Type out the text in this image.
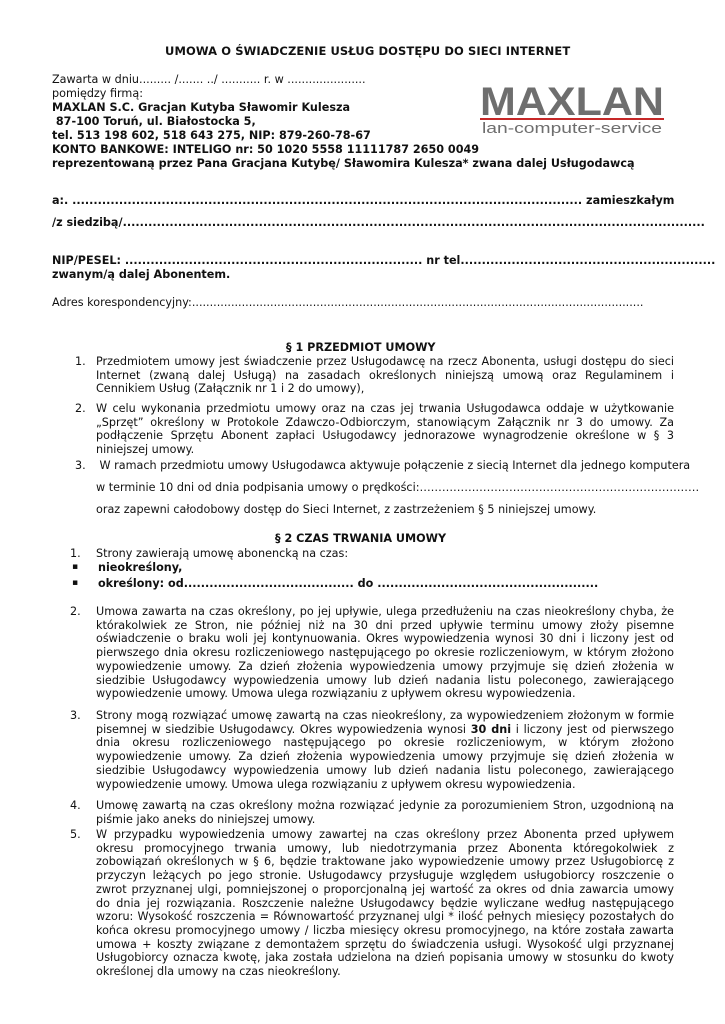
UMOWA O ŚWIADCZENIE USŁUG DOSTĘPU DO SIECI INTERNET
Zawarta w dniu......... /....... ../ ........... r. w ......................
pomiędzy firmą:
MAXLAN S.C. Gracjan Kutyba Sławomir Kulesza
87-100 Toruń, ul. Białostocka 5,
tel. 513 198 602, 518 643 275, NIP: 879-260-78-67
KONTO BANKOWE: INTELIGO nr: 50 1020 5558 11111787 2650 0049
reprezentowaną przez Pana Gracjana Kutybę/ Sławomira Kulesza* zwana dalej Usługodawcą
MAXLAN
lan-computer-service
a:. ........................................................................................................................ zamieszkałym
/z siedzibą/.........................................................................................................................................
NIP/PESEL: ...................................................................... nr tel............................................................
zwanym/ą dalej Abonentem.
Adres korespondencyjny:...............................................................................................................................
§ 1 PRZEDMIOT UMOWY
1. Przedmiotem umowy jest świadczenie przez Usługodawcę na rzecz Abonenta, usługi dostępu do sieci Internet (zwaną dalej Usługą) na zasadach określonych niniejszą umową oraz Regulaminem i Cennikiem Usług (Załącznik nr 1 i 2 do umowy),
2. W celu wykonania przedmiotu umowy oraz na czas jej trwania Usługodawca oddaje w użytkowanie „Sprzęt” określony w Protokole Zdawczo-Odbiorczym, stanowiącym Załącznik nr 3 do umowy. Za podłączenie Sprzętu Abonent zapłaci Usługodawcy jednorazowe wynagrodzenie określone w § 3 niniejszej umowy.
3. W ramach przedmiotu umowy Usługodawca aktywuje połączenie z siecią Internet dla jednego komputera
w terminie 10 dni od dnia podpisania umowy o prędkości:…………………………………………………………………
oraz zapewni całodobowy dostęp do Sieci Internet, z zastrzeżeniem § 5 niniejszej umowy.
§ 2 CZAS TRWANIA UMOWY
1. Strony zawierają umowę abonencką na czas:
▪ nieokreślony,
▪ określony: od........................................ do ....................................................
2. Umowa zawarta na czas określony, po jej upływie, ulega przedłużeniu na czas nieokreślony chyba, że którakolwiek ze Stron, nie później niż na 30 dni przed upływie terminu umowy złoży pisemne oświadczenie o braku woli jej kontynuowania. Okres wypowiedzenia wynosi 30 dni i liczony jest od pierwszego dnia okresu rozliczeniowego następującego po okresie rozliczeniowym, w którym złożono wypowiedzenie umowy. Za dzień złożenia wypowiedzenia umowy przyjmuje się dzień złożenia w siedzibie Usługodawcy wypowiedzenia umowy lub dzień nadania listu poleconego, zawierającego wypowiedzenie umowy. Umowa ulega rozwiązaniu z upływem okresu wypowiedzenia.
3. Strony mogą rozwiązać umowę zawartą na czas nieokreślony, za wypowiedzeniem złożonym w formie pisemnej w siedzibie Usługodawcy. Okres wypowiedzenia wynosi 30 dni i liczony jest od pierwszego dnia okresu rozliczeniowego następującego po okresie rozliczeniowym, w którym złożono wypowiedzenie umowy. Za dzień złożenia wypowiedzenia umowy przyjmuje się dzień złożenia w siedzibie Usługodawcy wypowiedzenia umowy lub dzień nadania listu poleconego, zawierającego wypowiedzenie umowy. Umowa ulega rozwiązaniu z upływem okresu wypowiedzenia.
4. Umowę zawartą na czas określony można rozwiązać jedynie za porozumieniem Stron, uzgodnioną na piśmie jako aneks do niniejszej umowy.
5. W przypadku wypowiedzenia umowy zawartej na czas określony przez Abonenta przed upływem okresu promocyjnego trwania umowy, lub niedotrzymania przez Abonenta któregokolwiek z zobowiązań określonych w § 6, będzie traktowane jako wypowiedzenie umowy przez Usługobiorcę z przyczyn leżących po jego stronie. Usługodawcy przysługuje względem usługobiorcy roszczenie o zwrot przyznanej ulgi, pomniejszonej o proporcjonalną jej wartość za okres od dnia zawarcia umowy do dnia jej rozwiązania. Roszczenie należne Usługodawcy będzie wyliczane według następującego wzoru: Wysokość roszczenia = Równowartość przyznanej ulgi * ilość pełnych miesięcy pozostałych do końca okresu promocyjnego umowy / liczba miesięcy okresu promocyjnego, na które została zawarta umowa + koszty związane z demontażem sprzętu do świadczenia usługi. Wysokość ulgi przyznanej Usługobiorcy oznacza kwotę, jaka została udzielona na dzień popisania umowy w stosunku do kwoty określonej dla umowy na czas nieokreślony.
